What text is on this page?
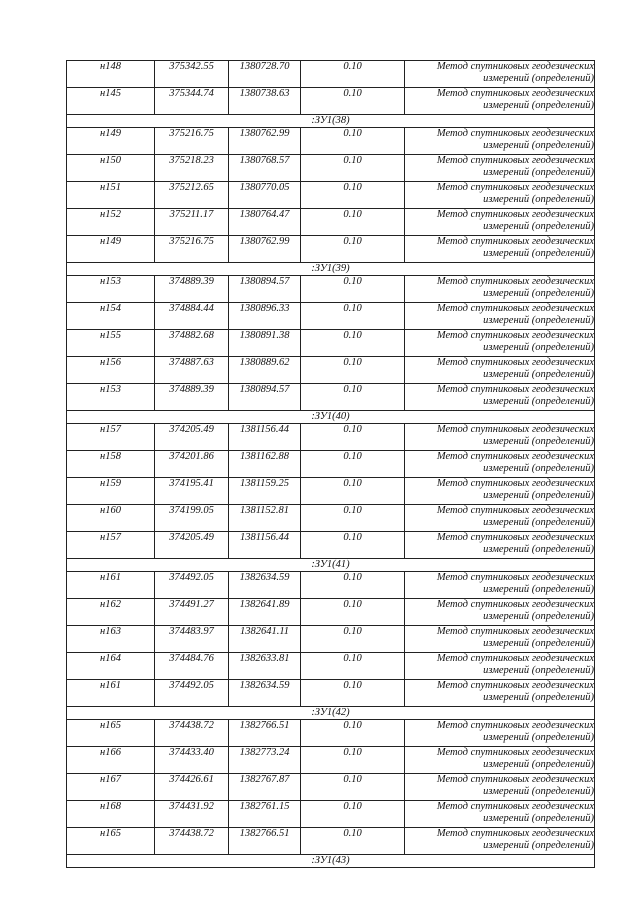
н148	375342.55	1380728.70	0.10	Метод спутниковых геодезических
измерений (определений)

н145	375344.74	1380738.63	0.10	Метод спутниковых геодезических
измерений (определений)

:ЗУ1(38)				
н149	375216.75	1380762.99	0.10	Метод спутниковых геодезических
измерений (определений)

н150	375218.23	1380768.57	0.10	Метод спутниковых геодезических
измерений (определений)

н151	375212.65	1380770.05	0.10	Метод спутниковых геодезических
измерений (определений)

н152	375211.17	1380764.47	0.10	Метод спутниковых геодезических
измерений (определений)

н149	375216.75	1380762.99	0.10	Метод спутниковых геодезических
измерений (определений)

:ЗУ1(39)				
н153	374889.39	1380894.57	0.10	Метод спутниковых геодезических
измерений (определений)

н154	374884.44	1380896.33	0.10	Метод спутниковых геодезических
измерений (определений)

н155	374882.68	1380891.38	0.10	Метод спутниковых геодезических
измерений (определений)

н156	374887.63	1380889.62	0.10	Метод спутниковых геодезических
измерений (определений)

н153	374889.39	1380894.57	0.10	Метод спутниковых геодезических
измерений (определений)

:ЗУ1(40)				
н157	374205.49	1381156.44	0.10	Метод спутниковых геодезических
измерений (определений)

н158	374201.86	1381162.88	0.10	Метод спутниковых геодезических
измерений (определений)

н159	374195.41	1381159.25	0.10	Метод спутниковых геодезических
измерений (определений)

н160	374199.05	1381152.81	0.10	Метод спутниковых геодезических
измерений (определений)

н157	374205.49	1381156.44	0.10	Метод спутниковых геодезических
измерений (определений)

:ЗУ1(41)				
н161	374492.05	1382634.59	0.10	Метод спутниковых геодезических
измерений (определений)

н162	374491.27	1382641.89	0.10	Метод спутниковых геодезических
измерений (определений)

н163	374483.97	1382641.11	0.10	Метод спутниковых геодезических
измерений (определений)

н164	374484.76	1382633.81	0.10	Метод спутниковых геодезических
измерений (определений)

н161	374492.05	1382634.59	0.10	Метод спутниковых геодезических
измерений (определений)

:ЗУ1(42)				
н165	374438.72	1382766.51	0.10	Метод спутниковых геодезических
измерений (определений)

н166	374433.40	1382773.24	0.10	Метод спутниковых геодезических
измерений (определений)

н167	374426.61	1382767.87	0.10	Метод спутниковых геодезических
измерений (определений)

н168	374431.92	1382761.15	0.10	Метод спутниковых геодезических
измерений (определений)

н165	374438.72	1382766.51	0.10	Метод спутниковых геодезических
измерений (определений)

:ЗУ1(43)				
